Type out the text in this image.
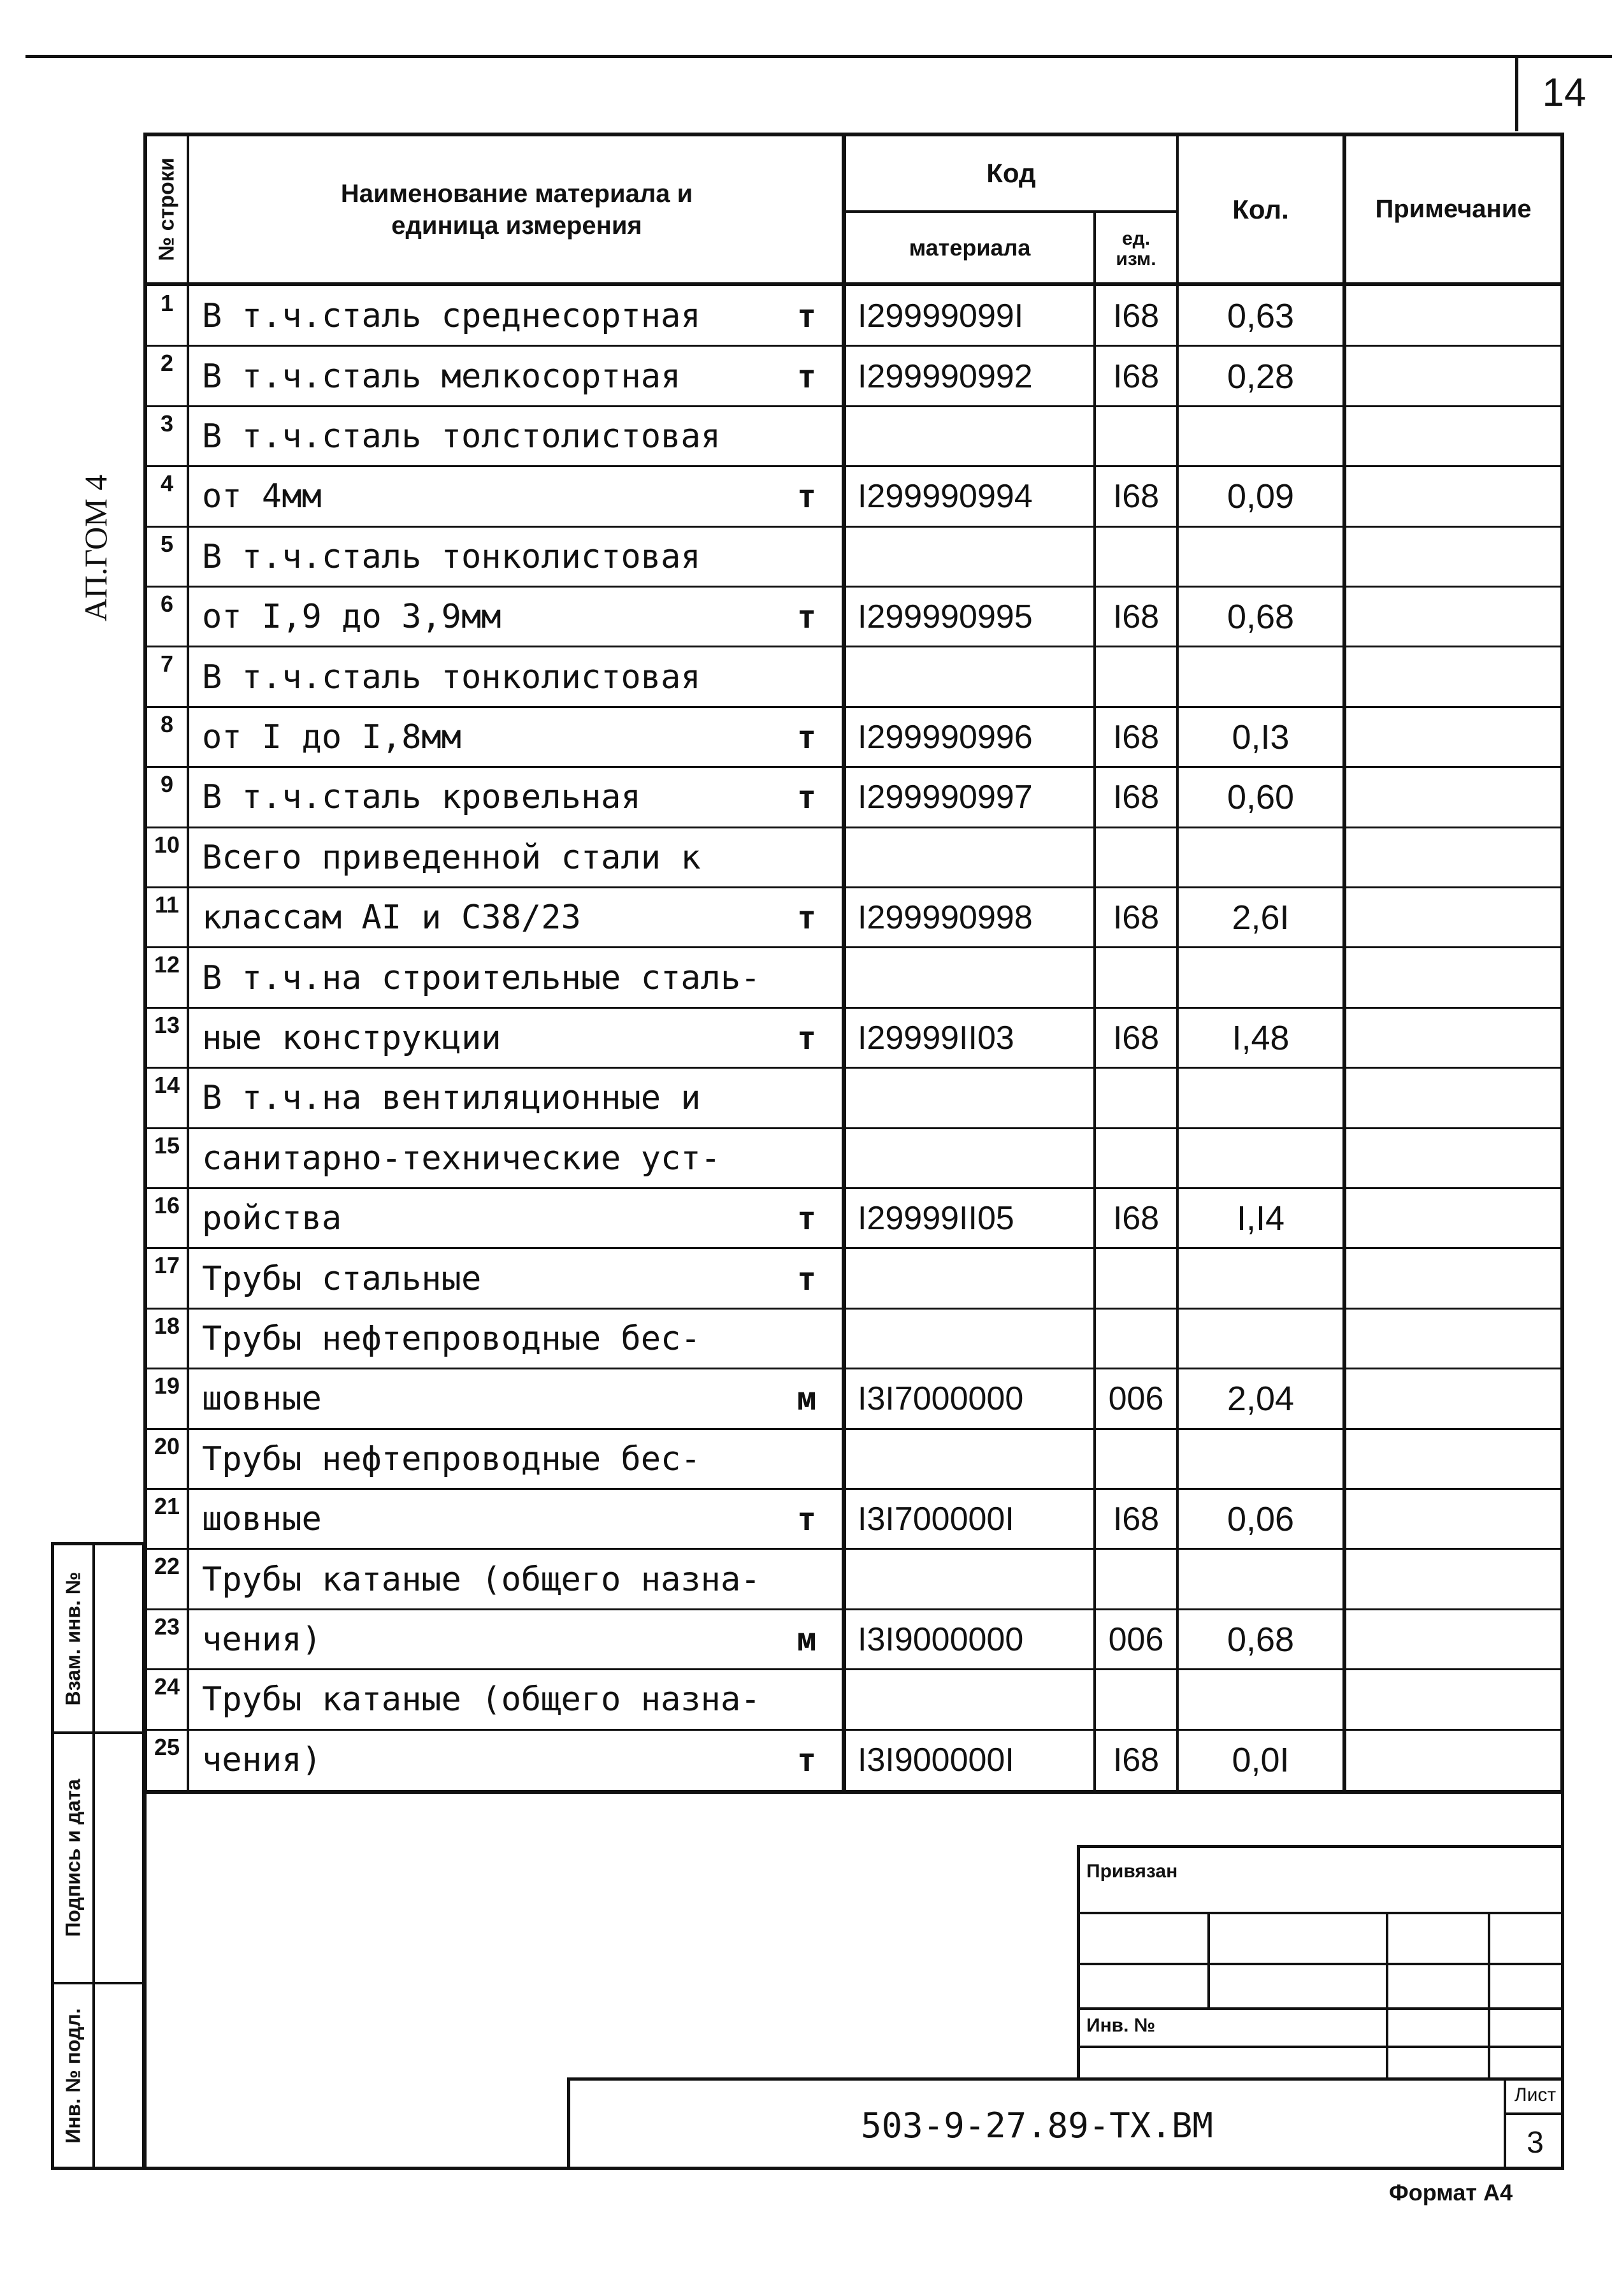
14
АП.ГОМ 4
№ строки	Наименование материала и единица измерения
Код
материала	ед. изм.
Кол.	Примечание
1 В т.ч.сталь среднесортная	т	I29999099I	I68	0,63
2 В т.ч.сталь мелкосортная	т	I299990992	I68	0,28
3 В т.ч.сталь толстолистовая
4 от 4мм	т	I299990994	I68	0,09
5 В т.ч.сталь тонколистовая
6 от I,9 до 3,9мм	т	I299990995	I68	0,68
7 В т.ч.сталь тонколистовая
8 от I до I,8мм	т	I299990996	I68	0,I3
9 В т.ч.сталь кровельная	т	I299990997	I68	0,60
10 Всего приведенной стали к
11 классам AI и C38/23	т	I299990998	I68	2,6I
12 В т.ч.на строительные сталь-
13 ные конструкции	т	I29999II03	I68	I,48
14 В т.ч.на вентиляционные и
15 санитарно-технические уст-
16 ройства	т	I29999II05	I68	I,I4
17 Трубы стальные	т
18 Трубы нефтепроводные бес-
19 шовные	м	I3I7000000	006	2,04
20 Трубы нефтепроводные бес-
21 шовные	т	I3I700000I	I68	0,06
22 Трубы катаные (общего назна-
23 чения)	м	I3I9000000	006	0,68
24 Трубы катаные (общего назна-
25 чения)	т	I3I900000I	I68	0,0I
Взам. инв. №
Подпись и дата
Инв. № подл.
Привязан
Инв. №
503-9-27.89-ТХ.ВМ
Лист
3
Формат А4
